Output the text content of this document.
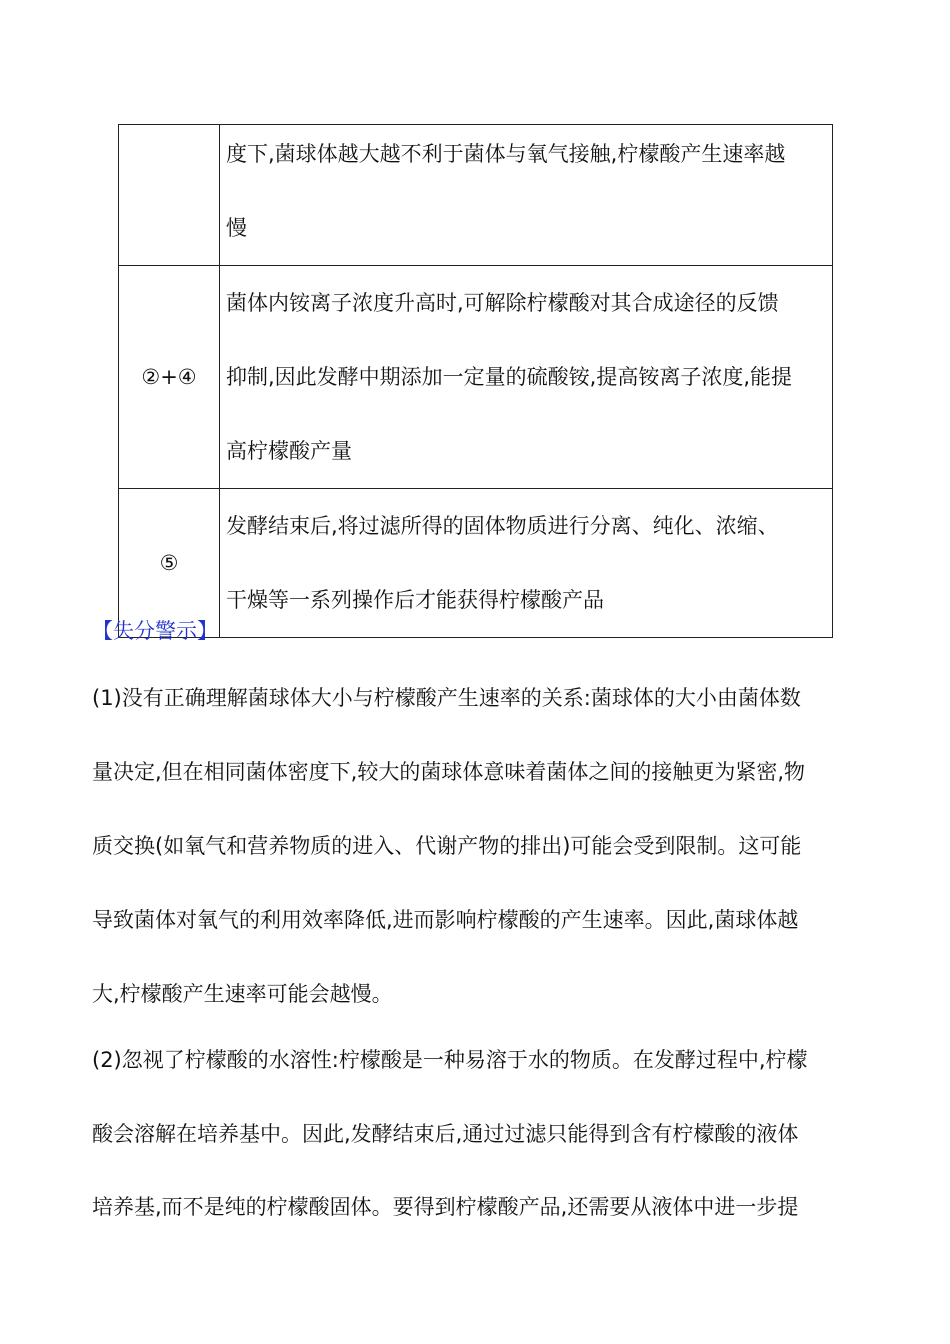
	度下,菌球体越大越不利于菌体与氧气接触,柠檬酸产生速率越
慢

②+④	菌体内铵离子浓度升高时,可解除柠檬酸对其合成途径的反馈
抑制,因此发酵中期添加一定量的硫酸铵,提高铵离子浓度,能提
高柠檬酸产量

⑤	发酵结束后,将过滤所得的固体物质进行分离、纯化、浓缩、
干燥等一系列操作后才能获得柠檬酸产品
【失分警示】
(1)没有正确理解菌球体大小与柠檬酸产生速率的关系:菌球体的大小由菌体数
量决定,但在相同菌体密度下,较大的菌球体意味着菌体之间的接触更为紧密,物
质交换(如氧气和营养物质的进入、代谢产物的排出)可能会受到限制。这可能
导致菌体对氧气的利用效率降低,进而影响柠檬酸的产生速率。因此,菌球体越
大,柠檬酸产生速率可能会越慢。
(2)忽视了柠檬酸的水溶性:柠檬酸是一种易溶于水的物质。在发酵过程中,柠檬
酸会溶解在培养基中。因此,发酵结束后,通过过滤只能得到含有柠檬酸的液体
培养基,而不是纯的柠檬酸固体。要得到柠檬酸产品,还需要从液体中进一步提
